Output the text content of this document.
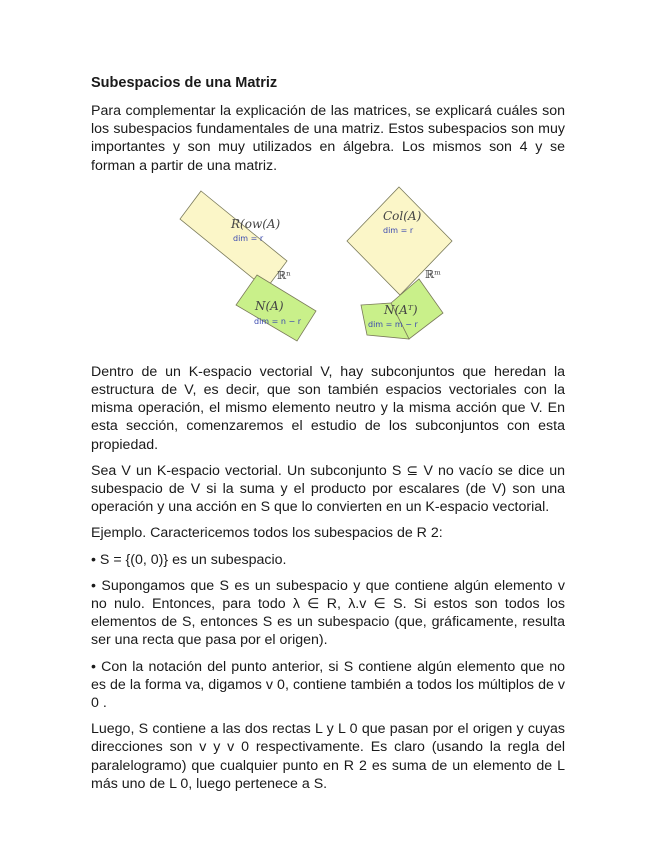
Subespacios de una Matriz

Para complementar la explicación de las matrices, se explicará cuáles son los subespacios fundamentales de una matriz. Estos subespacios son muy importantes y son muy utilizados en álgebra. Los mismos son 4 y se forman a partir de una matriz.

R(ow(A)
dim = r
ℝⁿ
N(A)
dim = n − r
Col(A)
dim = r
ℝᵐ
N(Aᵀ)
dim = m − r

Dentro de un K-espacio vectorial V, hay subconjuntos que heredan la estructura de V, es decir, que son también espacios vectoriales con la misma operación, el mismo elemento neutro y la misma acción que V. En esta sección, comenzaremos el estudio de los subconjuntos con esta propiedad.

Sea V un K-espacio vectorial. Un subconjunto S ⊆ V no vacío se dice un subespacio de V si la suma y el producto por escalares (de V) son una operación y una acción en S que lo convierten en un K-espacio vectorial.

Ejemplo. Caractericemos todos los subespacios de R 2:

• S = {(0, 0)} es un subespacio.

• Supongamos que S es un subespacio y que contiene algún elemento v no nulo. Entonces, para todo λ ∈ R, λ.v ∈ S. Si estos son todos los elementos de S, entonces S es un subespacio (que, gráficamente, resulta ser una recta que pasa por el origen).

• Con la notación del punto anterior, si S contiene algún elemento que no es de la forma va, digamos v 0, contiene también a todos los múltiplos de v 0 .

Luego, S contiene a las dos rectas L y L 0 que pasan por el origen y cuyas direcciones son v y v 0 respectivamente. Es claro (usando la regla del paralelogramo) que cualquier punto en R 2 es suma de un elemento de L más uno de L 0, luego pertenece a S.
